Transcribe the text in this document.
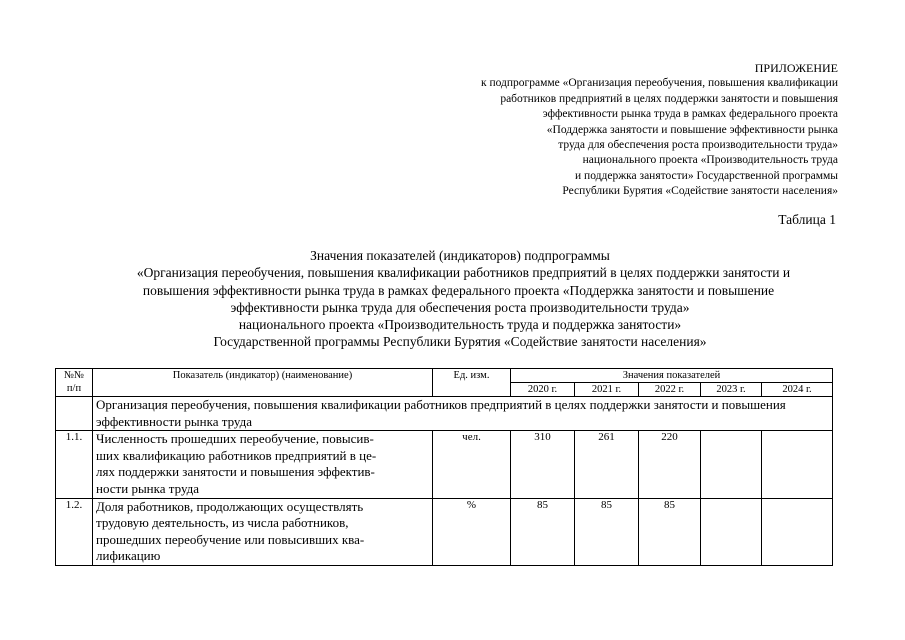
ПРИЛОЖЕНИЕ
к подпрограмме «Организация переобучения, повышения квалификации
работников предприятий в целях поддержки занятости и повышения
эффективности рынка труда в рамках федерального проекта
«Поддержка занятости и повышение эффективности рынка
труда для обеспечения роста производительности труда»
национального проекта «Производительность труда
и поддержка занятости» Государственной программы
Республики Бурятия «Содействие занятости населения»
Таблица 1
Значения показателей (индикаторов) подпрограммы
«Организация переобучения, повышения квалификации работников предприятий в целях поддержки занятости и
повышения эффективности рынка труда в рамках федерального проекта «Поддержка занятости и повышение
эффективности рынка труда для обеспечения роста производительности труда»
национального проекта «Производительность труда и поддержка занятости»
Государственной программы Республики Бурятия «Содействие занятости населения»
№№
п/п	Показатель (индикатор) (наименование)	Ед. изм.	Значения показателей				
			2020 г.	2021 г.	2022 г.	2023 г.	2024 г.
	Организация переобучения, повышения квалификации работников предприятий в целях поддержки занятости и повышения эффективности рынка труда						
1.1.	Численность прошедших переобучение, повысив-
ших квалификацию работников предприятий в це-
лях поддержки занятости и повышения эффектив-
ности рынка труда	чел.	310	261	220		
1.2.	Доля работников, продолжающих осуществлять
трудовую деятельность, из числа работников,
прошедших переобучение или повысивших ква-
лификацию	%	85	85	85		
